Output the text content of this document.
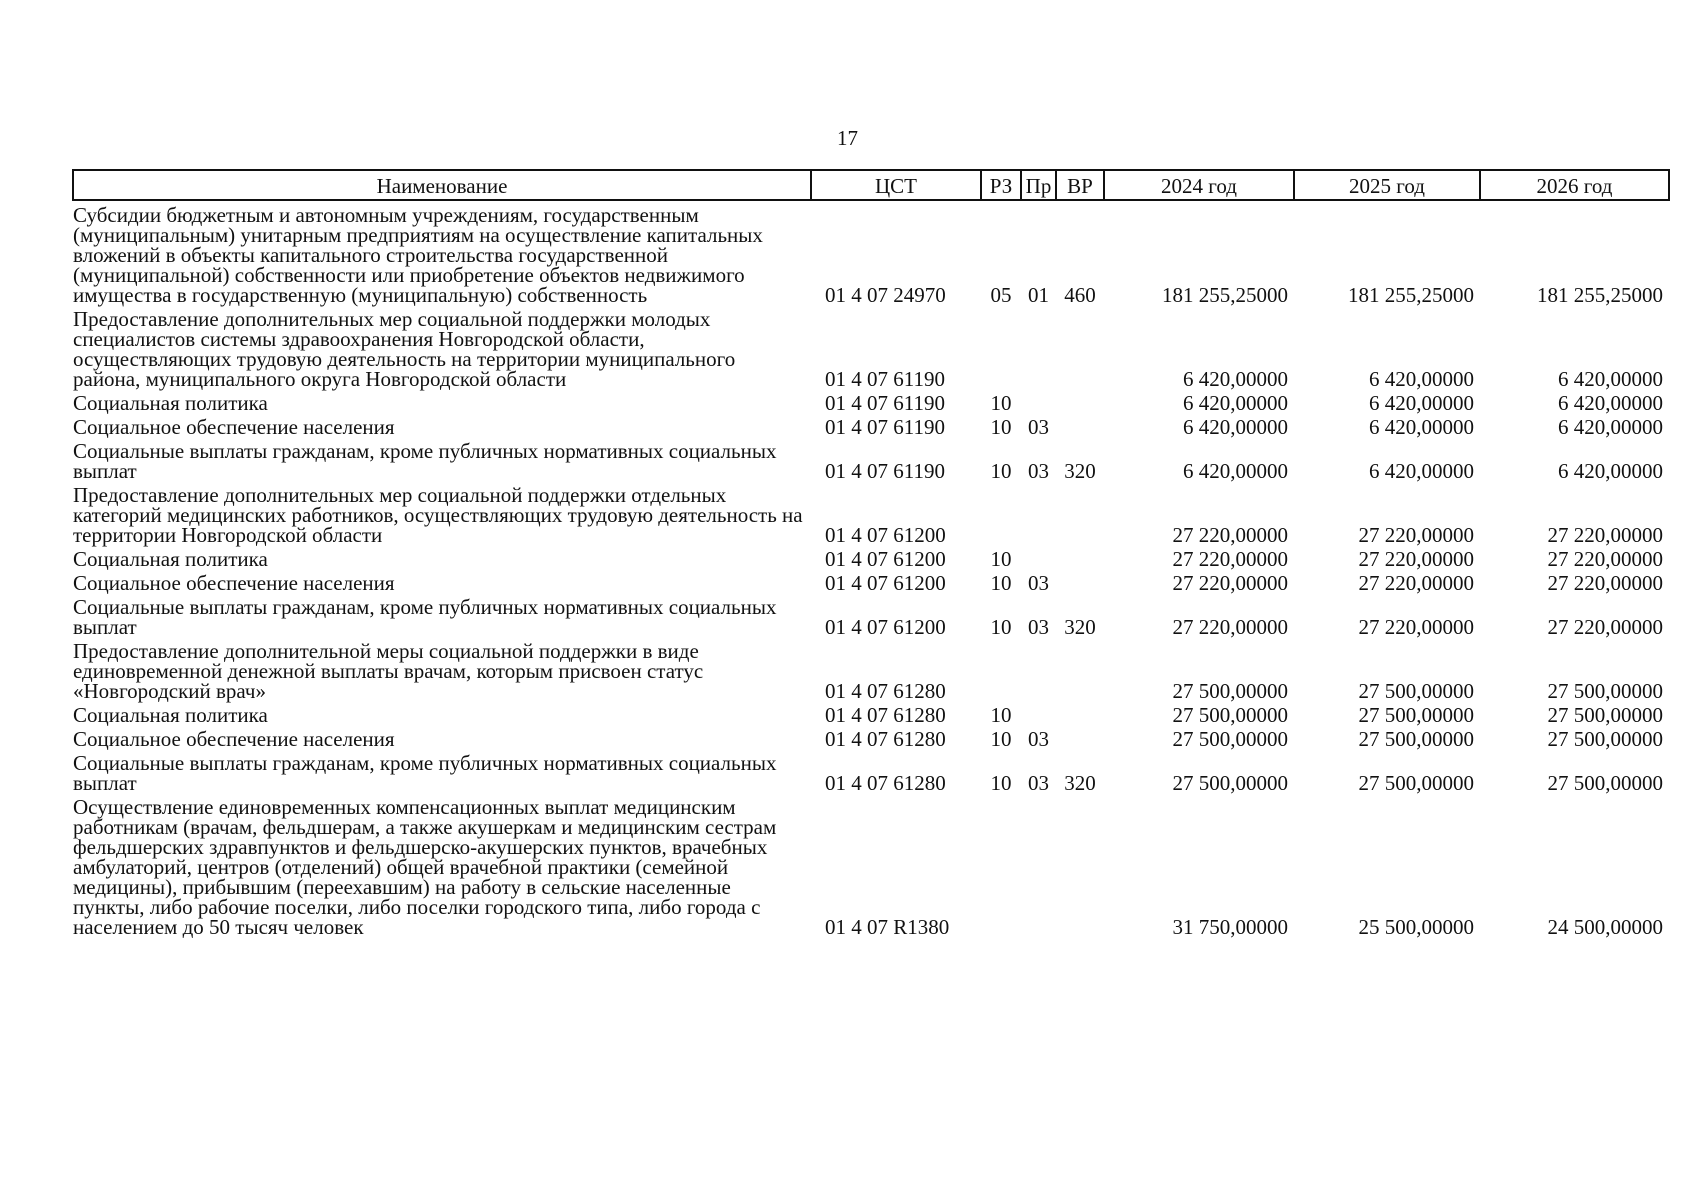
17
Наименование	ЦСТ	РЗ	Пр	ВР	2024 год	2025 год	2026 год
Субсидии бюджетным и автономным учреждениям, государственным (муниципальным) унитарным предприятиям на осуществление капитальных вложений в объекты капитального строительства государственной (муниципальной) собственности или приобретение объектов недвижимого имущества в государственную (муниципальную) собственность	01 4 07 24970	05	01	460	181 255,25000	181 255,25000	181 255,25000
Предоставление дополнительных мер социальной поддержки молодых специалистов системы здравоохранения Новгородской области, осуществляющих трудовую деятельность на территории муниципального района, муниципального округа Новгородской области	01 4 07 61190				6 420,00000	6 420,00000	6 420,00000
Социальная политика	01 4 07 61190	10			6 420,00000	6 420,00000	6 420,00000
Социальное обеспечение населения	01 4 07 61190	10	03		6 420,00000	6 420,00000	6 420,00000
Социальные выплаты гражданам, кроме публичных нормативных социальных выплат	01 4 07 61190	10	03	320	6 420,00000	6 420,00000	6 420,00000
Предоставление дополнительных мер социальной поддержки отдельных категорий медицинских работников, осуществляющих трудовую деятельность на территории Новгородской области	01 4 07 61200				27 220,00000	27 220,00000	27 220,00000
Социальная политика	01 4 07 61200	10			27 220,00000	27 220,00000	27 220,00000
Социальное обеспечение населения	01 4 07 61200	10	03		27 220,00000	27 220,00000	27 220,00000
Социальные выплаты гражданам, кроме публичных нормативных социальных выплат	01 4 07 61200	10	03	320	27 220,00000	27 220,00000	27 220,00000
Предоставление дополнительной меры социальной поддержки в виде единовременной денежной выплаты врачам, которым присвоен статус «Новгородский врач»	01 4 07 61280				27 500,00000	27 500,00000	27 500,00000
Социальная политика	01 4 07 61280	10			27 500,00000	27 500,00000	27 500,00000
Социальное обеспечение населения	01 4 07 61280	10	03		27 500,00000	27 500,00000	27 500,00000
Социальные выплаты гражданам, кроме публичных нормативных социальных выплат	01 4 07 61280	10	03	320	27 500,00000	27 500,00000	27 500,00000
Осуществление единовременных компенсационных выплат медицинским работникам (врачам, фельдшерам, а также акушеркам и медицинским сестрам фельдшерских здравпунктов и фельдшерско-акушерских пунктов, врачебных амбулаторий, центров (отделений) общей врачебной практики (семейной медицины), прибывшим (переехавшим) на работу в сельские населенные пункты, либо рабочие поселки, либо поселки городского типа, либо города с населением до 50 тысяч человек	01 4 07 R1380				31 750,00000	25 500,00000	24 500,00000
